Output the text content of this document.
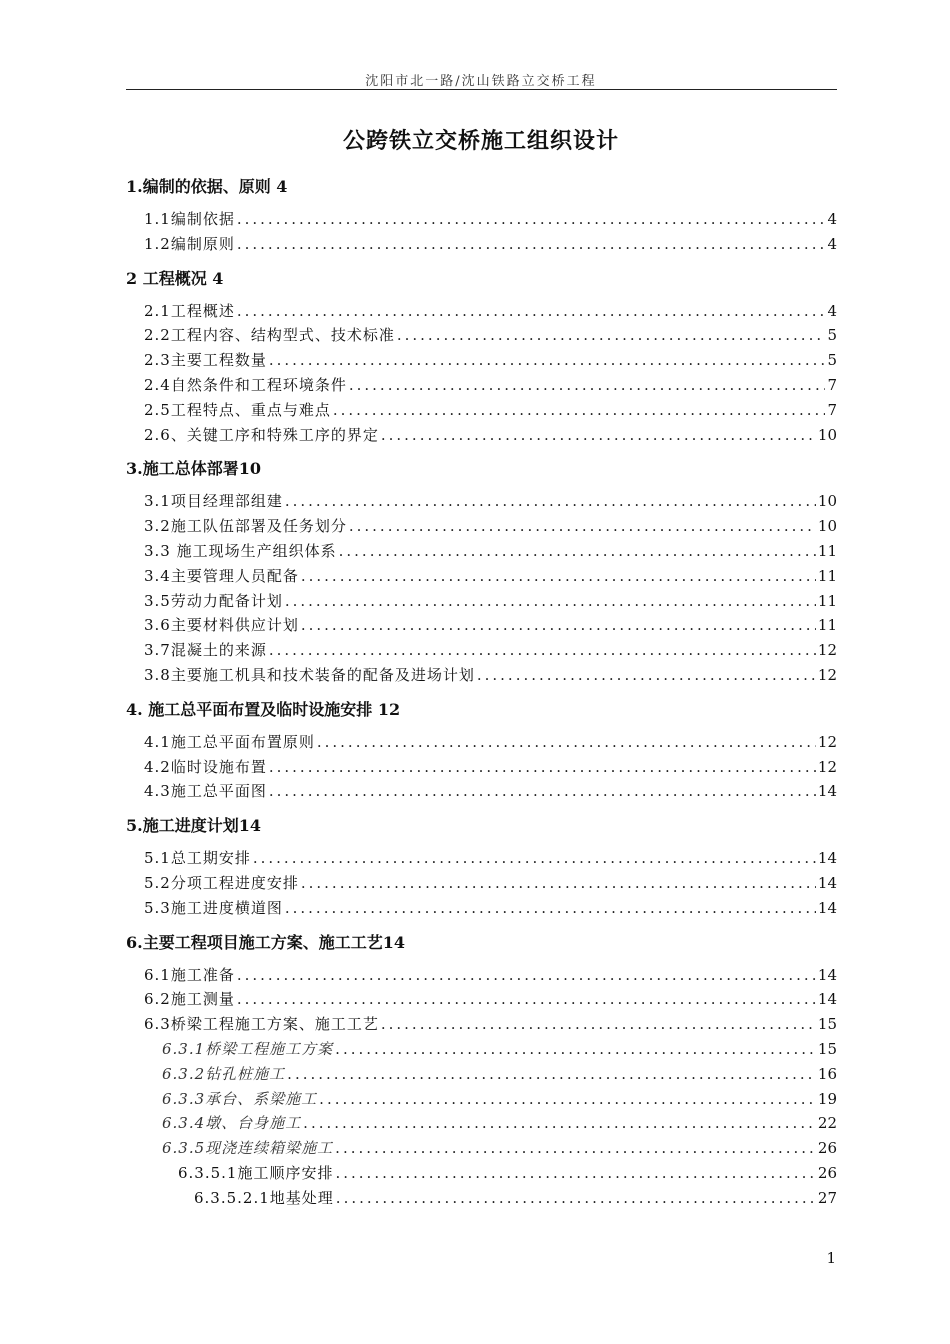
沈阳市北一路/沈山铁路立交桥工程
公跨铁立交桥施工组织设计
1.编制的依据、原则 4
1.1编制依据 .....	4
1.2编制原则 .....	4
2 工程概况 4
2.1工程概述 .....	4
2.2工程内容、结构型式、技术标准 .....	5
2.3主要工程数量 .....	5
2.4自然条件和工程环境条件 .....	7
2.5工程特点、重点与难点 .....	7
2.6、关键工序和特殊工序的界定 .....	10
3.施工总体部署10
3.1项目经理部组建 .....	10
3.2施工队伍部署及任务划分 .....	10
3.3 施工现场生产组织体系 .....	11
3.4主要管理人员配备 .....	11
3.5劳动力配备计划 .....	11
3.6主要材料供应计划 .....	11
3.7混凝土的来源 .....	12
3.8主要施工机具和技术装备的配备及进场计划 .....	12
4. 施工总平面布置及临时设施安排 12
4.1施工总平面布置原则 .....	12
4.2临时设施布置 .....	12
4.3施工总平面图 .....	14
5.施工进度计划14
5.1总工期安排 .....	14
5.2分项工程进度安排 .....	14
5.3施工进度横道图 .....	14
6.主要工程项目施工方案、施工工艺14
6.1施工准备 .....	14
6.2施工测量 .....	14
6.3桥梁工程施工方案、施工工艺 .....	15
6.3.1桥梁工程施工方案 .....	15
6.3.2钻孔桩施工 .....	16
6.3.3承台、系梁施工 .....	19
6.3.4墩、台身施工 .....	22
6.3.5现浇连续箱梁施工 .....	26
6.3.5.1施工顺序安排 .....	26
6.3.5.2.1地基处理 .....	27
1
